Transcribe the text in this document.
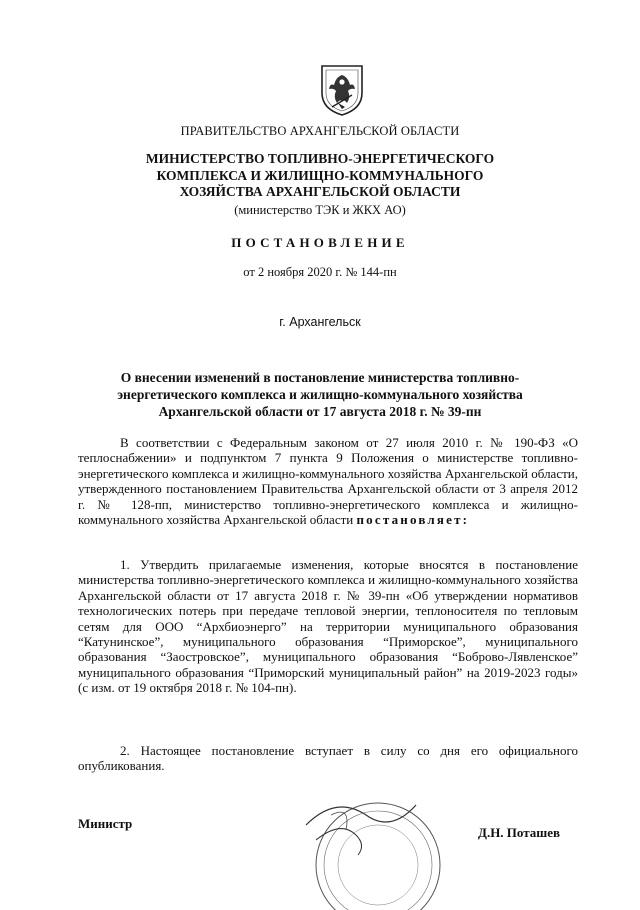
ПРАВИТЕЛЬСТВО АРХАНГЕЛЬСКОЙ ОБЛАСТИ
МИНИСТЕРСТВО ТОПЛИВНО-ЭНЕРГЕТИЧЕСКОГО
КОМПЛЕКСА И ЖИЛИЩНО-КОММУНАЛЬНОГО
ХОЗЯЙСТВА АРХАНГЕЛЬСКОЙ ОБЛАСТИ
(министерство ТЭК и ЖКХ АО)
ПОСТАНОВЛЕНИЕ
от 2 ноября 2020 г. № 144-пн
г. Архангельск
О внесении изменений в постановление министерства топливно-
энергетического комплекса и жилищно-коммунального хозяйства
Архангельской области от 17 августа 2018 г. № 39-пн
В соответствии с Федеральным законом от 27 июля 2010 г. № 190-ФЗ «О теплоснабжении» и подпунктом 7 пункта 9 Положения о министерстве топливно-энергетического комплекса и жилищно-коммунального хозяйства Архангельской области, утвержденного постановлением Правительства Архангельской области от 3 апреля 2012 г. № 128-пп, министерство топливно-энергетического комплекса и жилищно-коммунального хозяйства Архангельской области постановляет:
1. Утвердить прилагаемые изменения, которые вносятся в постановление министерства топливно-энергетического комплекса и жилищно-коммунального хозяйства Архангельской области от 17 августа 2018 г. № 39-пн «Об утверждении нормативов технологических потерь при передаче тепловой энергии, теплоносителя по тепловым сетям для ООО “Архбиоэнерго” на территории муниципального образования “Катунинское”, муниципального образования “Приморское”, муниципального образования “Заостровское”, муниципального образования “Боброво-Лявленское” муниципального образования “Приморский муниципальный район” на 2019-2023 годы» (с изм. от 19 октября 2018 г. № 104-пн).
2. Настоящее постановление вступает в силу со дня его официального опубликования.
Министр
Д.Н. Поташев
